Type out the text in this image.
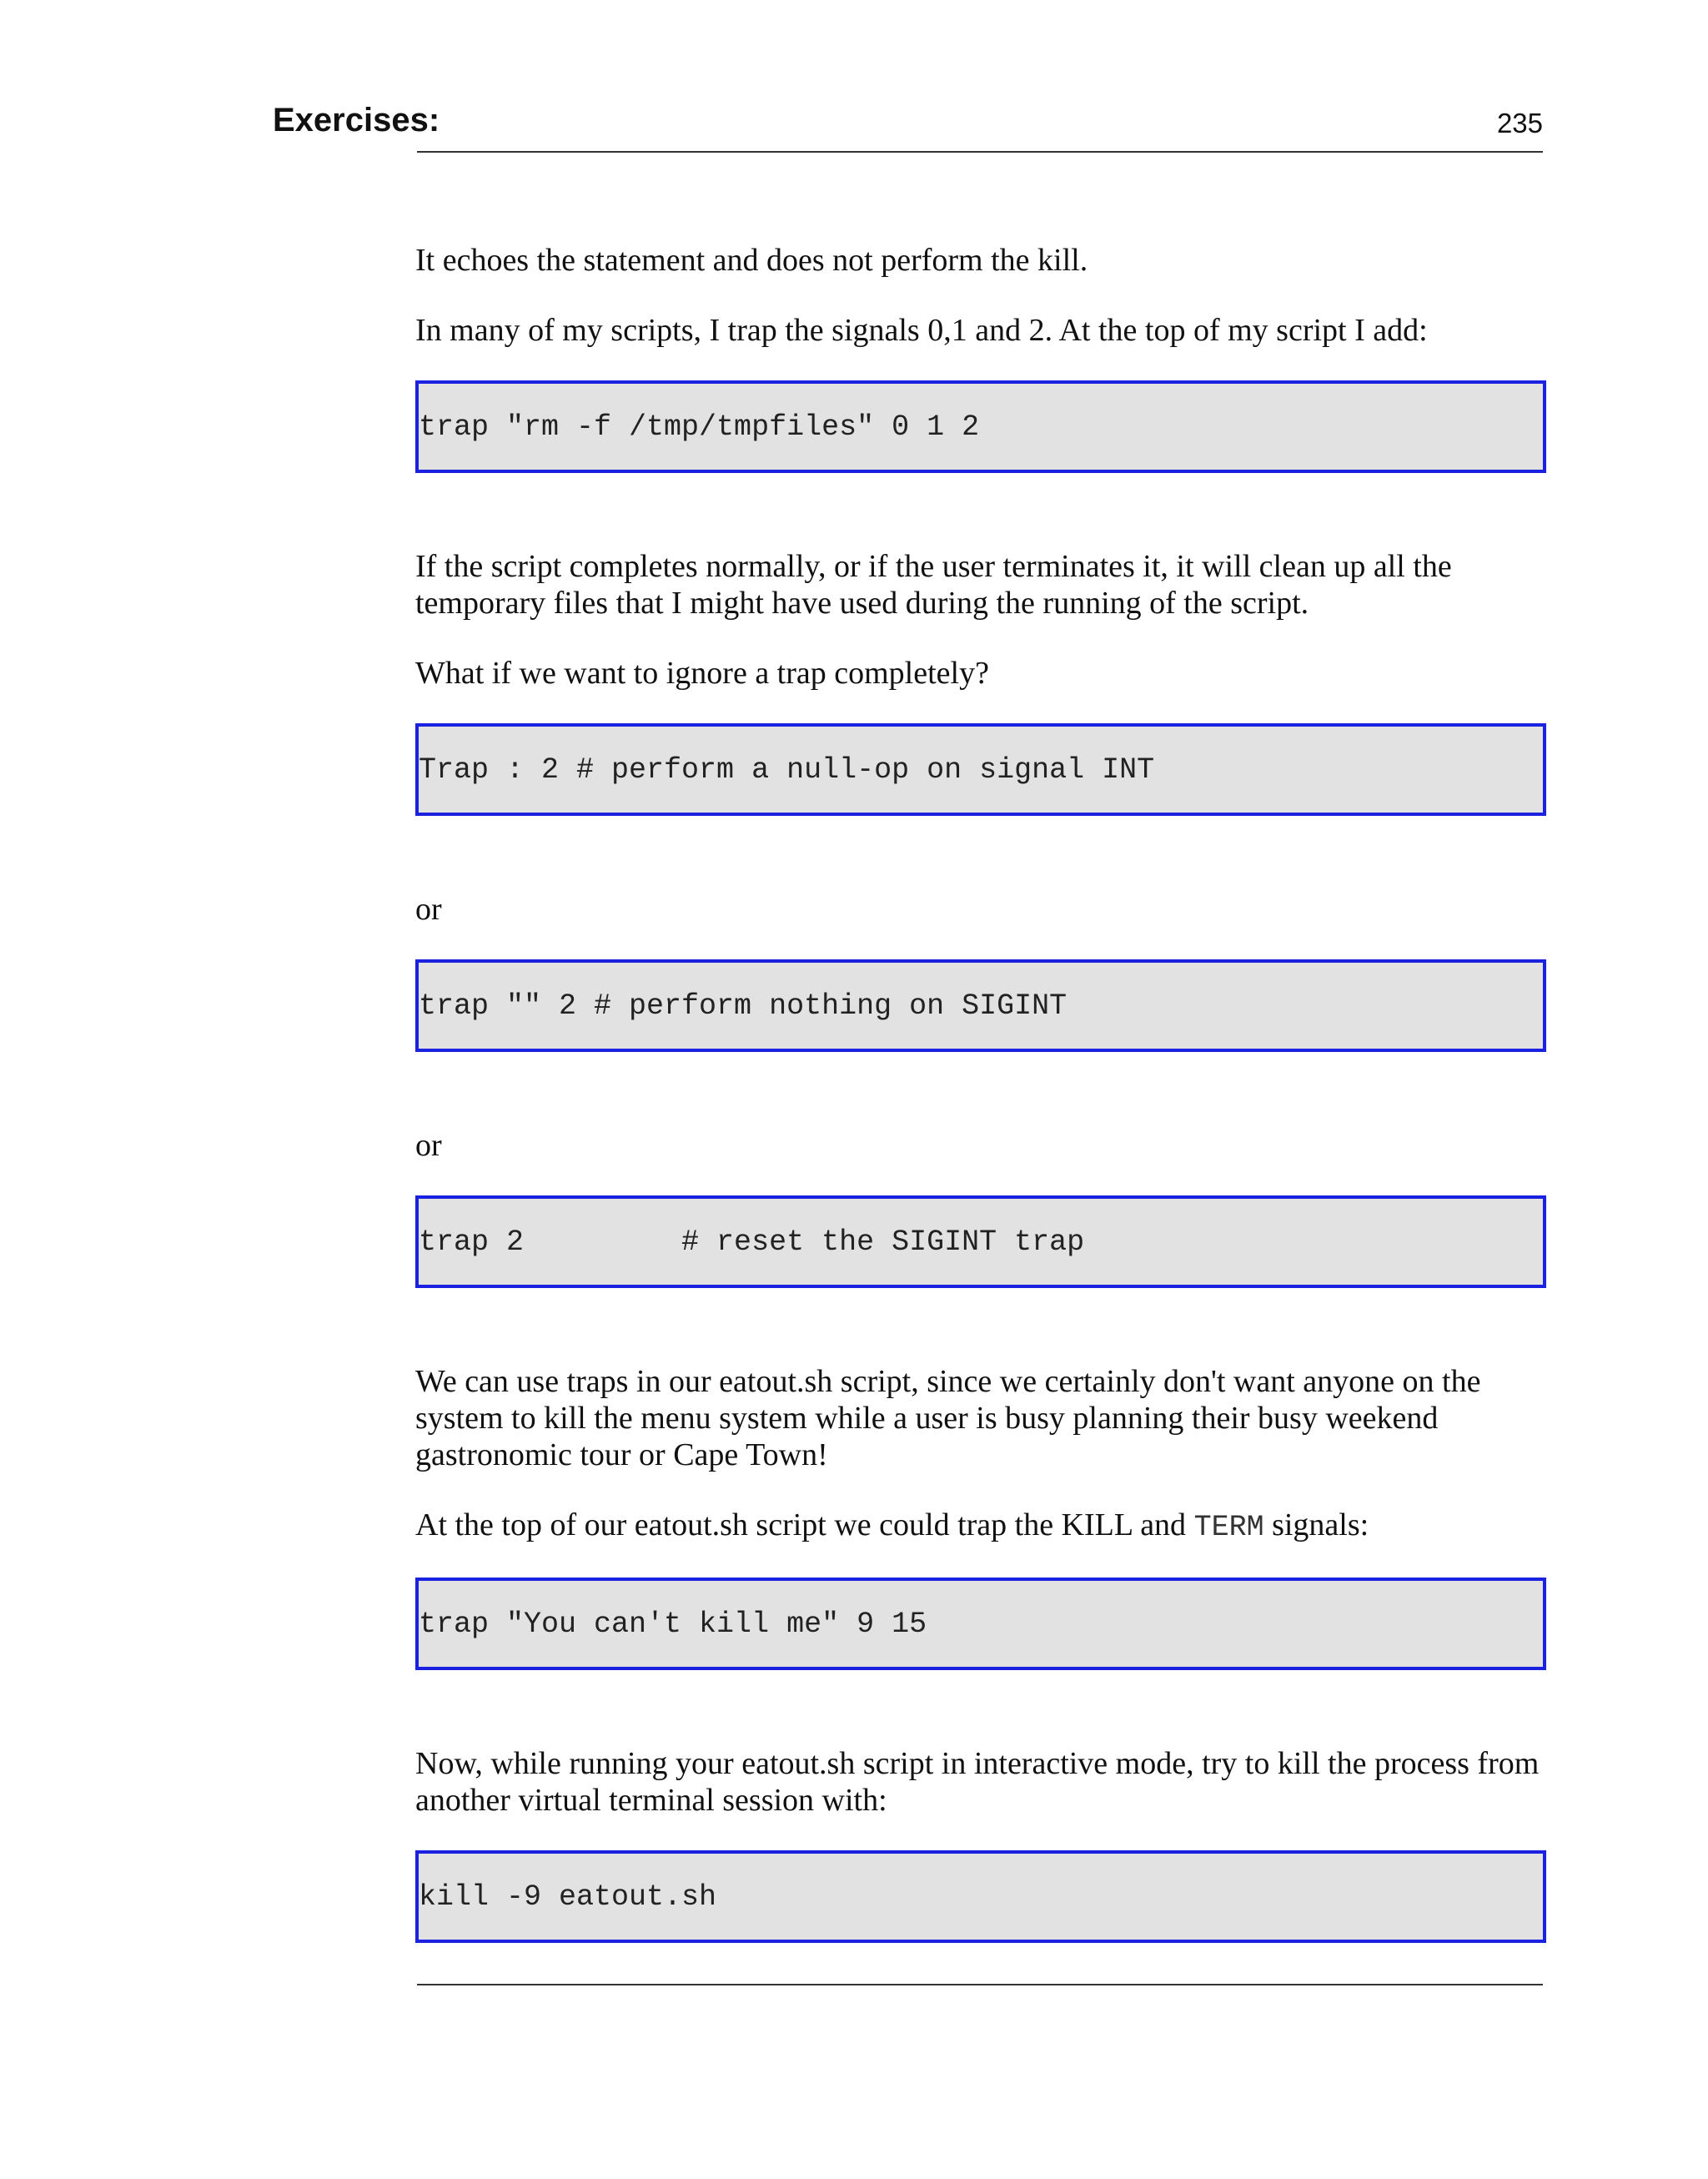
Exercises:	235

It echoes the statement and does not perform the kill.

In many of my scripts, I trap the signals 0,1 and 2. At the top of my script I add:

trap "rm -f /tmp/tmpfiles" 0 1 2

If the script completes normally, or if the user terminates it, it will clean up all the temporary files that I might have used during the running of the script.

What if we want to ignore a trap completely?

Trap : 2 # perform a null-op on signal INT

or

trap "" 2 # perform nothing on SIGINT

or

trap 2         # reset the SIGINT trap

We can use traps in our eatout.sh script, since we certainly don't want anyone on the system to kill the menu system while a user is busy planning their busy weekend gastronomic tour or Cape Town!

At the top of our eatout.sh script we could trap the KILL and TERM signals:

trap "You can't kill me" 9 15

Now, while running your eatout.sh script in interactive mode, try to kill the process from another virtual terminal session with:

kill -9 eatout.sh
